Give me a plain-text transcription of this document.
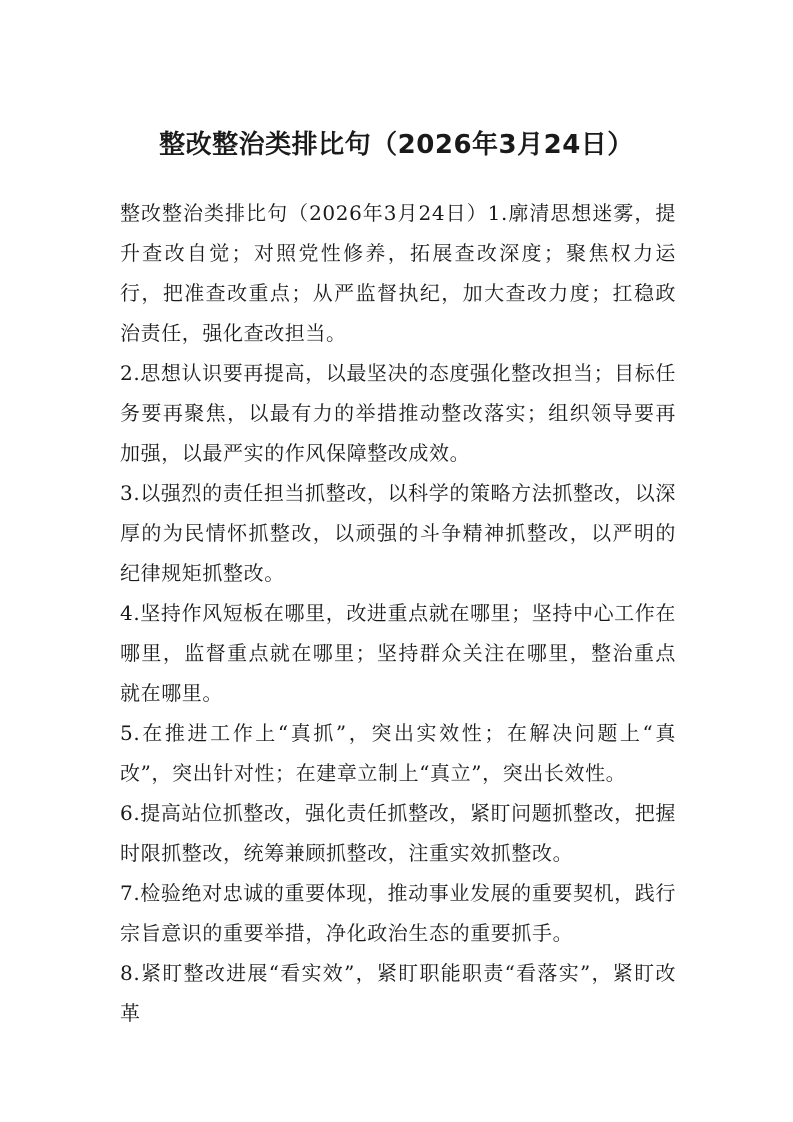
整改整治类排比句（2026年3月24日）

整改整治类排比句（2026年3月24日）1.廓清思想迷雾，提升查改自觉；对照党性修养，拓展查改深度；聚焦权力运行，把准查改重点；从严监督执纪，加大查改力度；扛稳政治责任，强化查改担当。

2.思想认识要再提高，以最坚决的态度强化整改担当；目标任务要再聚焦，以最有力的举措推动整改落实；组织领导要再加强，以最严实的作风保障整改成效。

3.以强烈的责任担当抓整改，以科学的策略方法抓整改，以深厚的为民情怀抓整改，以顽强的斗争精神抓整改，以严明的纪律规矩抓整改。

4.坚持作风短板在哪里，改进重点就在哪里；坚持中心工作在哪里，监督重点就在哪里；坚持群众关注在哪里，整治重点就在哪里。

5.在推进工作上“真抓”，突出实效性；在解决问题上“真改”，突出针对性；在建章立制上“真立”，突出长效性。

6.提高站位抓整改，强化责任抓整改，紧盯问题抓整改，把握时限抓整改，统筹兼顾抓整改，注重实效抓整改。

7.检验绝对忠诚的重要体现，推动事业发展的重要契机，践行宗旨意识的重要举措，净化政治生态的重要抓手。

8.紧盯整改进展“看实效”，紧盯职能职责“看落实”，紧盯改革
